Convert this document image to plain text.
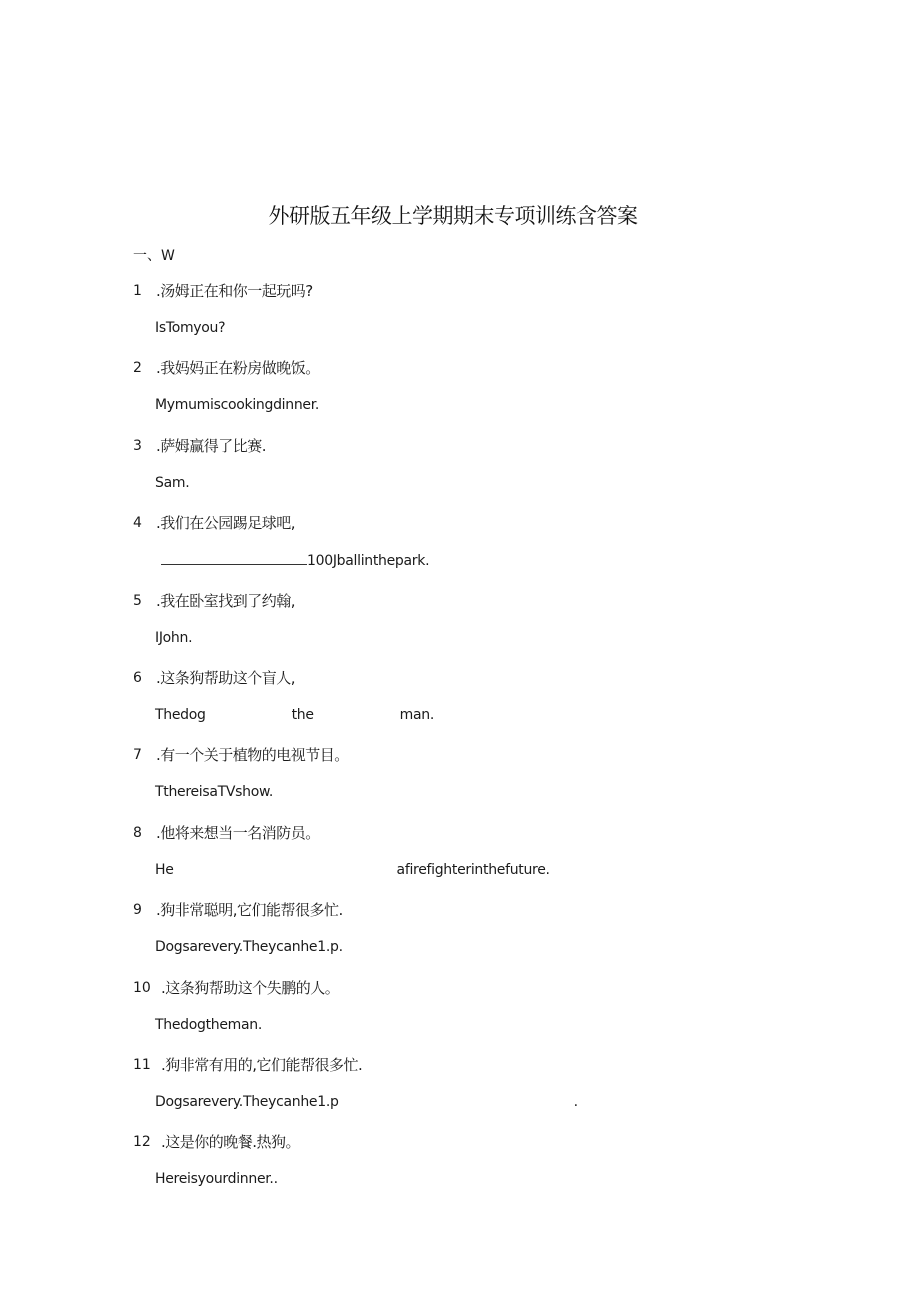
外研版五年级上学期期末专项训练含答案
一、W
1 .汤姆正在和你一起玩吗?
IsTomyou?
2 .我妈妈正在粉房做晚饭。
Mymumiscookingdinner.
3 .萨姆赢得了比赛.
Sam.
4 .我们在公园踢足球吧,
100Jballinthepark.
5 .我在卧室找到了约翰,
IJohn.
6 .这条狗帮助这个盲人,
Thedog	the	man.
7 .有一个关于植物的电视节目。
TthereisaTVshow.
8 .他将来想当一名消防员。
He	afirefighterinthefuture.
9 .狗非常聪明,它们能帮很多忙.
Dogsarevery.Theycanhe1.p.
10 .这条狗帮助这个失鹏的人。
Thedogtheman.
11 .狗非常有用的,它们能帮很多忙.
Dogsarevery.Theycanhe1.p	.
12 .这是你的晚餐.热狗。
Hereisyourdinner..
